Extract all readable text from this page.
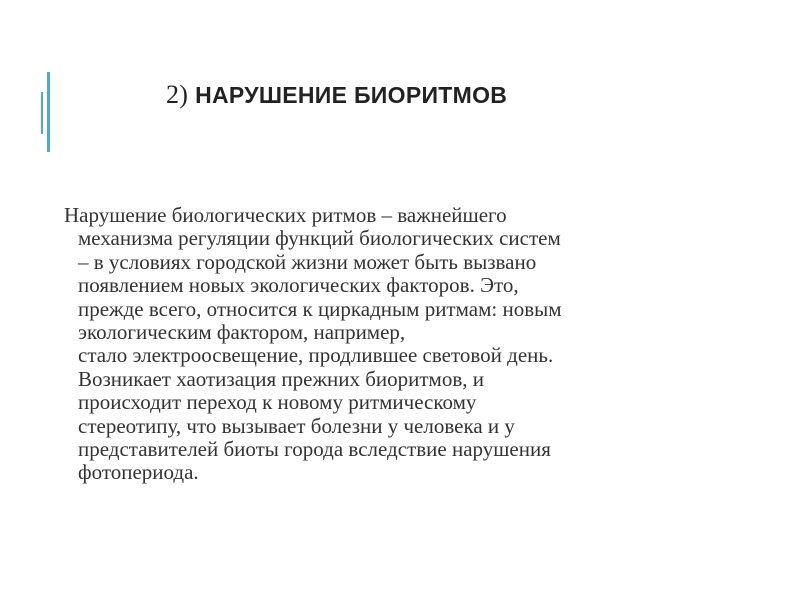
2) НАРУШЕНИЕ БИОРИТМОВ
Нарушение биологических ритмов – важнейшего
механизма регуляции функций биологических систем
– в условиях городской жизни может быть вызвано
появлением новых экологических факторов. Это,
прежде всего, относится к циркадным ритмам: новым
экологическим фактором, например,
стало электроосвещение, продлившее световой день.
Возникает хаотизация прежних биоритмов, и
происходит переход к новому ритмическому
стереотипу, что вызывает болезни у человека и у
представителей биоты города вследствие нарушения
фотопериода.
